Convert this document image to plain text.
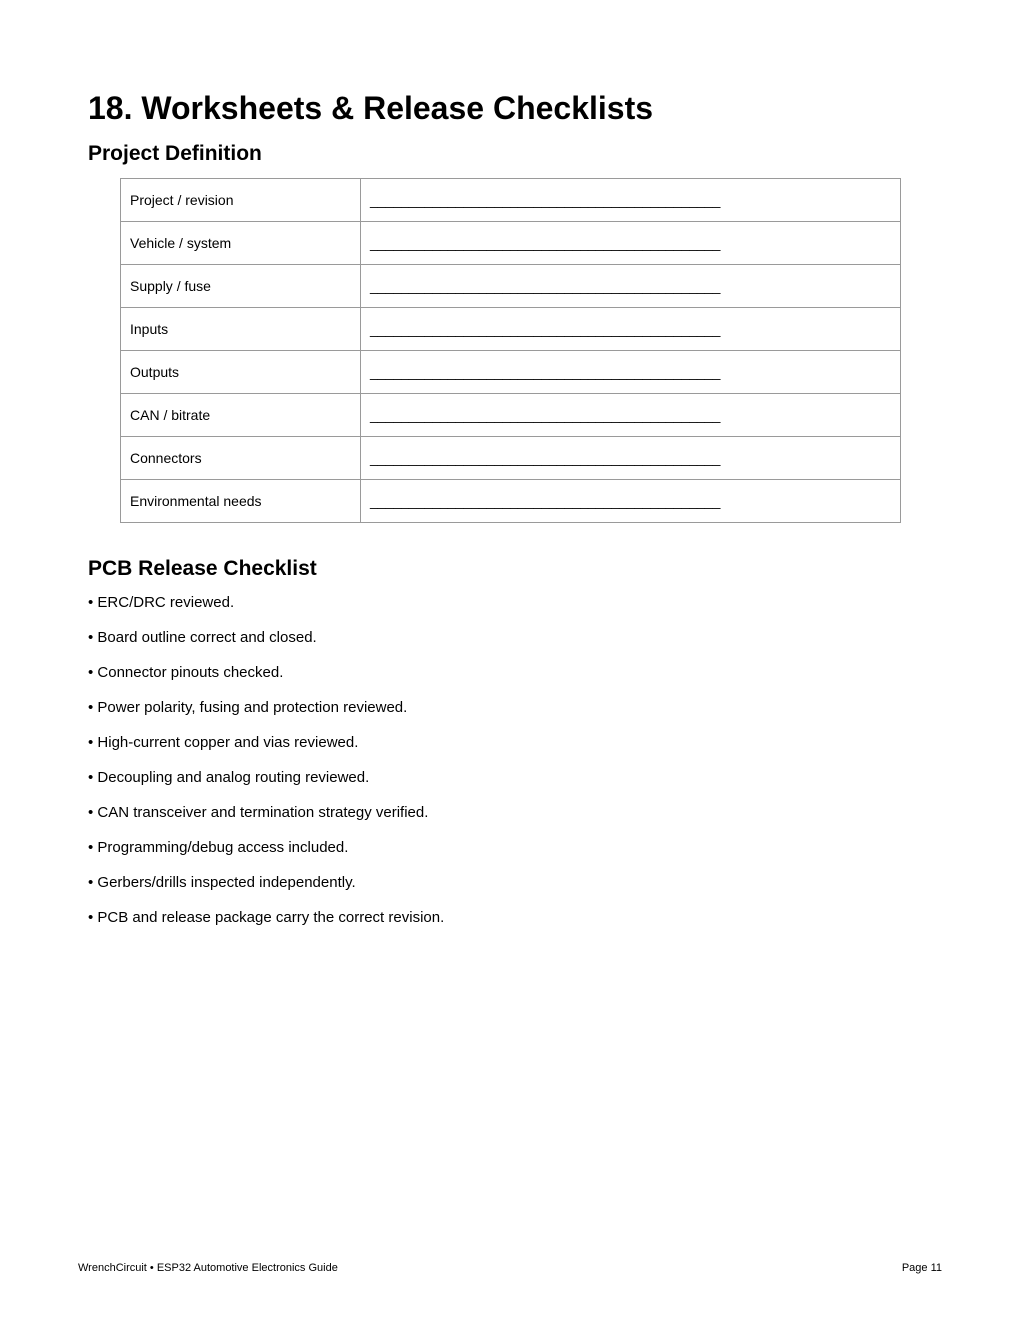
18. Worksheets & Release Checklists
Project Definition
Project / revision	_____________________________________________
Vehicle / system	_____________________________________________
Supply / fuse	_____________________________________________
Inputs	_____________________________________________
Outputs	_____________________________________________
CAN / bitrate	_____________________________________________
Connectors	_____________________________________________
Environmental needs	_____________________________________________
PCB Release Checklist
• ERC/DRC reviewed.
• Board outline correct and closed.
• Connector pinouts checked.
• Power polarity, fusing and protection reviewed.
• High-current copper and vias reviewed.
• Decoupling and analog routing reviewed.
• CAN transceiver and termination strategy verified.
• Programming/debug access included.
• Gerbers/drills inspected independently.
• PCB and release package carry the correct revision.
WrenchCircuit • ESP32 Automotive Electronics Guide	Page 11
